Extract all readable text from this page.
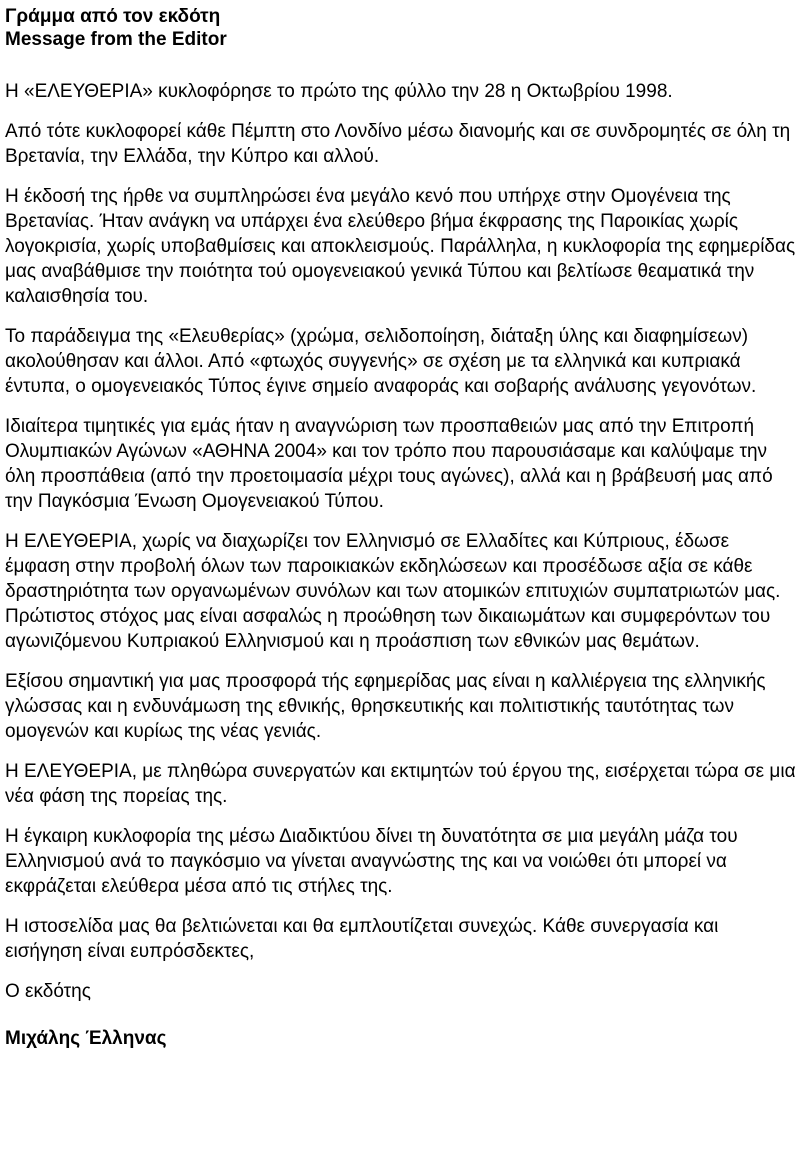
Γράμμα από τον εκδότη
Message from the Editor

Η «ΕΛΕΥΘΕΡΙΑ» κυκλοφόρησε το πρώτο της φύλλο την 28 η Οκτωβρίου 1998.

Από τότε κυκλοφορεί κάθε Πέμπτη στο Λονδίνο μέσω διανομής και σε συνδρομητές σε όλη τη Βρετανία, την Ελλάδα, την Κύπρο και αλλού.

Η έκδοσή της ήρθε να συμπληρώσει ένα μεγάλο κενό που υπήρχε στην Ομογένεια της Βρετανίας. Ήταν ανάγκη να υπάρχει ένα ελεύθερο βήμα έκφρασης της Παροικίας χωρίς λογοκρισία, χωρίς υποβαθμίσεις και αποκλεισμούς. Παράλληλα, η κυκλοφορία της εφημερίδας μας αναβάθμισε την ποιότητα τού ομογενειακού γενικά Τύπου και βελτίωσε θεαματικά την καλαισθησία του.

Το παράδειγμα της «Ελευθερίας» (χρώμα, σελιδοποίηση, διάταξη ύλης και διαφημίσεων) ακολούθησαν και άλλοι. Από «φτωχός συγγενής» σε σχέση με τα ελληνικά και κυπριακά έντυπα, ο ομογενειακός Τύπος έγινε σημείο αναφοράς και σοβαρής ανάλυσης γεγονότων.

Ιδιαίτερα τιμητικές για εμάς ήταν η αναγνώριση των προσπαθειών μας από την Επιτροπή Ολυμπιακών Αγώνων «ΑΘΗΝΑ 2004» και τον τρόπο που παρουσιάσαμε και καλύψαμε την όλη προσπάθεια (από την προετοιμασία μέχρι τους αγώνες), αλλά και η βράβευσή μας από την Παγκόσμια Ένωση Ομογενειακού Τύπου.

Η ΕΛΕΥΘΕΡΙΑ, χωρίς να διαχωρίζει τον Ελληνισμό σε Ελλαδίτες και Κύπριους, έδωσε έμφαση στην προβολή όλων των παροικιακών εκδηλώσεων και προσέδωσε αξία σε κάθε δραστηριότητα των οργανωμένων συνόλων και των ατομικών επιτυχιών συμπατριωτών μας. Πρώτιστος στόχος μας είναι ασφαλώς η προώθηση των δικαιωμάτων και συμφερόντων του αγωνιζόμενου Κυπριακού Ελληνισμού και η προάσπιση των εθνικών μας θεμάτων.

Εξίσου σημαντική για μας προσφορά τής εφημερίδας μας είναι η καλλιέργεια της ελληνικής γλώσσας και η ενδυνάμωση της εθνικής, θρησκευτικής και πολιτιστικής ταυτότητας των ομογενών και κυρίως της νέας γενιάς.

Η ΕΛΕΥΘΕΡΙΑ, με πληθώρα συνεργατών και εκτιμητών τού έργου της, εισέρχεται τώρα σε μια νέα φάση της πορείας της.

Η έγκαιρη κυκλοφορία της μέσω Διαδικτύου δίνει τη δυνατότητα σε μια μεγάλη μάζα του Ελληνισμού ανά το παγκόσμιο να γίνεται αναγνώστης της και να νοιώθει ότι μπορεί να εκφράζεται ελεύθερα μέσα από τις στήλες της.

Η ιστοσελίδα μας θα βελτιώνεται και θα εμπλουτίζεται συνεχώς. Κάθε συνεργασία και εισήγηση είναι ευπρόσδεκτες,

Ο εκδότης

Μιχάλης Έλληνας
